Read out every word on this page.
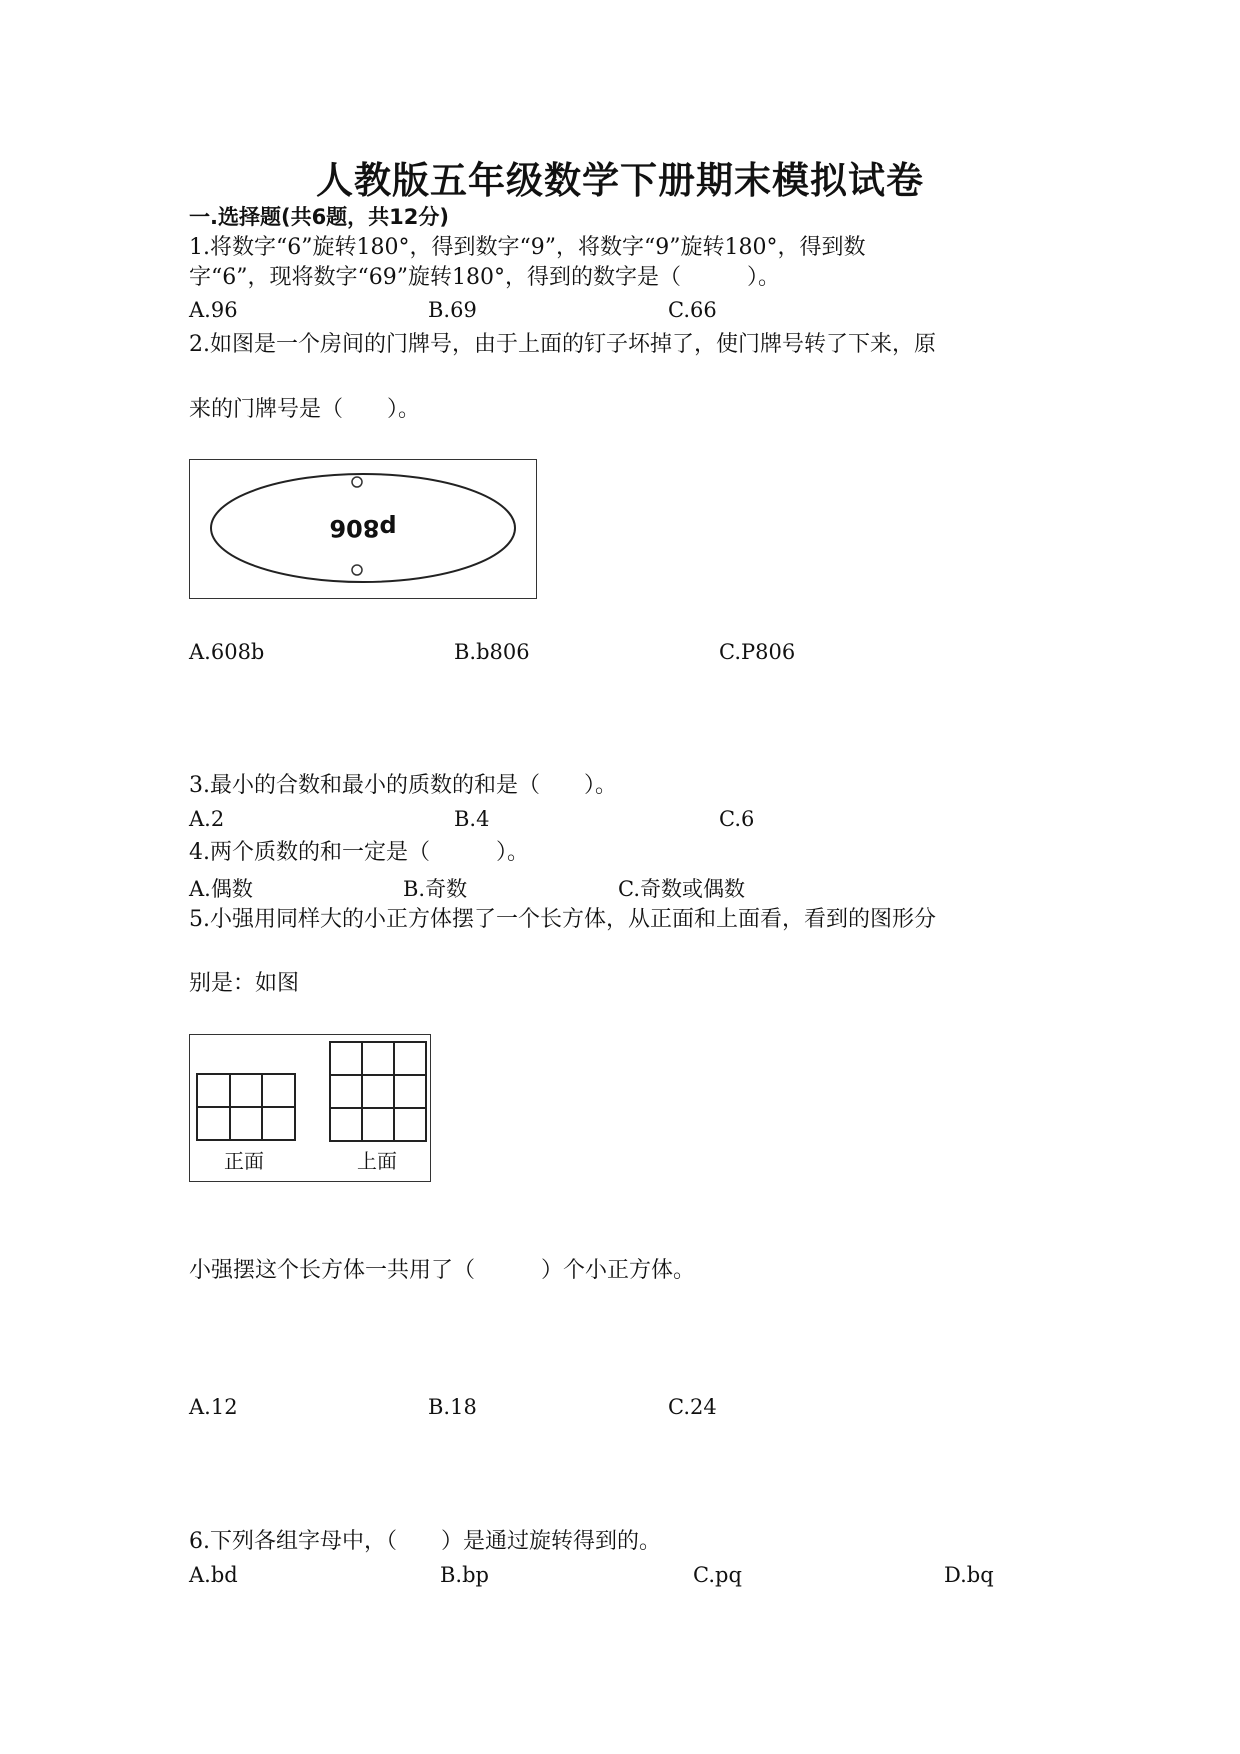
人教版五年级数学下册期末模拟试卷
一.选择题(共6题，共12分)
1.将数字“6”旋转180°，得到数字“9”，将数字“9”旋转180°，得到数
字“6”，现将数字“69”旋转180°，得到的数字是（　　　）。
A.96	B.69	C.66
2.如图是一个房间的门牌号，由于上面的钉子坏掉了，使门牌号转了下来，原
来的门牌号是（　　）。
p806
A.608b	B.b806	C.P806
3.最小的合数和最小的质数的和是（　　）。
A.2	B.4	C.6
4.两个质数的和一定是（　　　）。
A.偶数	B.奇数	C.奇数或偶数
5.小强用同样大的小正方体摆了一个长方体，从正面和上面看，看到的图形分
别是：如图
正面	上面
小强摆这个长方体一共用了（　　　）个小正方体。
A.12	B.18	C.24
6.下列各组字母中，（　　）是通过旋转得到的。
A.bd	B.bp	C.pq	D.bq
